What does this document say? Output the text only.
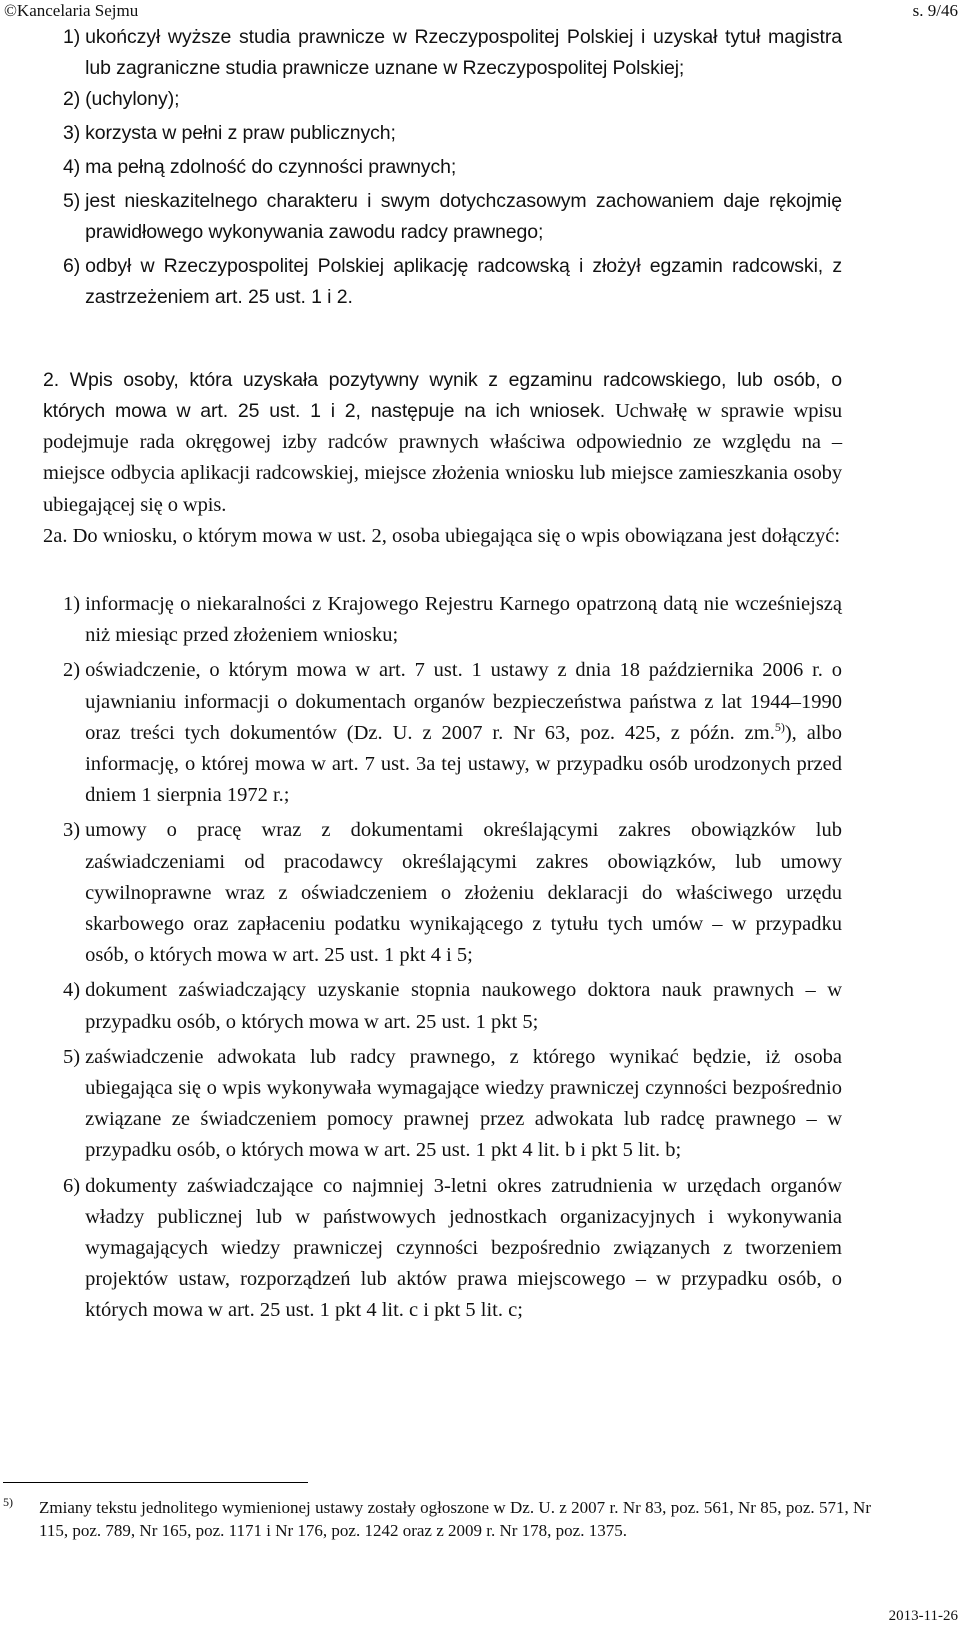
©Kancelaria Sejmu	s. 9/46
1) ukończył wyższe studia prawnicze w Rzeczypospolitej Polskiej i uzyskał tytuł magistra lub zagraniczne studia prawnicze uznane w Rzeczypospolitej Polskiej;
2) (uchylony);
3) korzysta w pełni z praw publicznych;
4) ma pełną zdolność do czynności prawnych;
5) jest nieskazitelnego charakteru i swym dotychczasowym zachowaniem daje rękojmię prawidłowego wykonywania zawodu radcy prawnego;
6) odbył w Rzeczypospolitej Polskiej aplikację radcowską i złożył egzamin radcowski, z zastrzeżeniem art. 25 ust. 1 i 2.
2. Wpis osoby, która uzyskała pozytywny wynik z egzaminu radcowskiego, lub osób, o których mowa w art. 25 ust. 1 i 2, następuje na ich wniosek. Uchwałę w sprawie wpisu podejmuje rada okręgowej izby radców prawnych właściwa odpowiednio ze względu na – miejsce odbycia aplikacji radcowskiej, miejsce złożenia wniosku lub miejsce zamieszkania osoby ubiegającej się o wpis.
2a. Do wniosku, o którym mowa w ust. 2, osoba ubiegająca się o wpis obowiązana jest dołączyć:
1) informację o niekaralności z Krajowego Rejestru Karnego opatrzoną datą nie wcześniejszą niż miesiąc przed złożeniem wniosku;
2) oświadczenie, o którym mowa w art. 7 ust. 1 ustawy z dnia 18 października 2006 r. o ujawnianiu informacji o dokumentach organów bezpieczeństwa państwa z lat 1944–1990 oraz treści tych dokumentów (Dz. U. z 2007 r. Nr 63, poz. 425, z późn. zm.$^{5)}$), albo informację, o której mowa w art. 7 ust. 3a tej ustawy, w przypadku osób urodzonych przed dniem 1 sierpnia 1972 r.;
3) umowy o pracę wraz z dokumentami określającymi zakres obowiązków lub zaświadczeniami od pracodawcy określającymi zakres obowiązków, lub umowy cywilnoprawne wraz z oświadczeniem o złożeniu deklaracji do właściwego urzędu skarbowego oraz zapłaceniu podatku wynikającego z tytułu tych umów – w przypadku osób, o których mowa w art. 25 ust. 1 pkt 4 i 5;
4) dokument zaświadczający uzyskanie stopnia naukowego doktora nauk prawnych – w przypadku osób, o których mowa w art. 25 ust. 1 pkt 5;
5) zaświadczenie adwokata lub radcy prawnego, z którego wynikać będzie, iż osoba ubiegająca się o wpis wykonywała wymagające wiedzy prawniczej czynności bezpośrednio związane ze świadczeniem pomocy prawnej przez adwokata lub radcę prawnego – w przypadku osób, o których mowa w art. 25 ust. 1 pkt 4 lit. b i pkt 5 lit. b;
6) dokumenty zaświadczające co najmniej 3-letni okres zatrudnienia w urzędach organów władzy publicznej lub w państwowych jednostkach organizacyjnych i wykonywania wymagających wiedzy prawniczej czynności bezpośrednio związanych z tworzeniem projektów ustaw, rozporządzeń lub aktów prawa miejscowego – w przypadku osób, o których mowa w art. 25 ust. 1 pkt 4 lit. c i pkt 5 lit. c;
5) Zmiany tekstu jednolitego wymienionej ustawy zostały ogłoszone w Dz. U. z 2007 r. Nr 83, poz. 561, Nr 85, poz. 571, Nr 115, poz. 789, Nr 165, poz. 1171 i Nr 176, poz. 1242 oraz z 2009 r. Nr 178, poz. 1375.
2013-11-26
